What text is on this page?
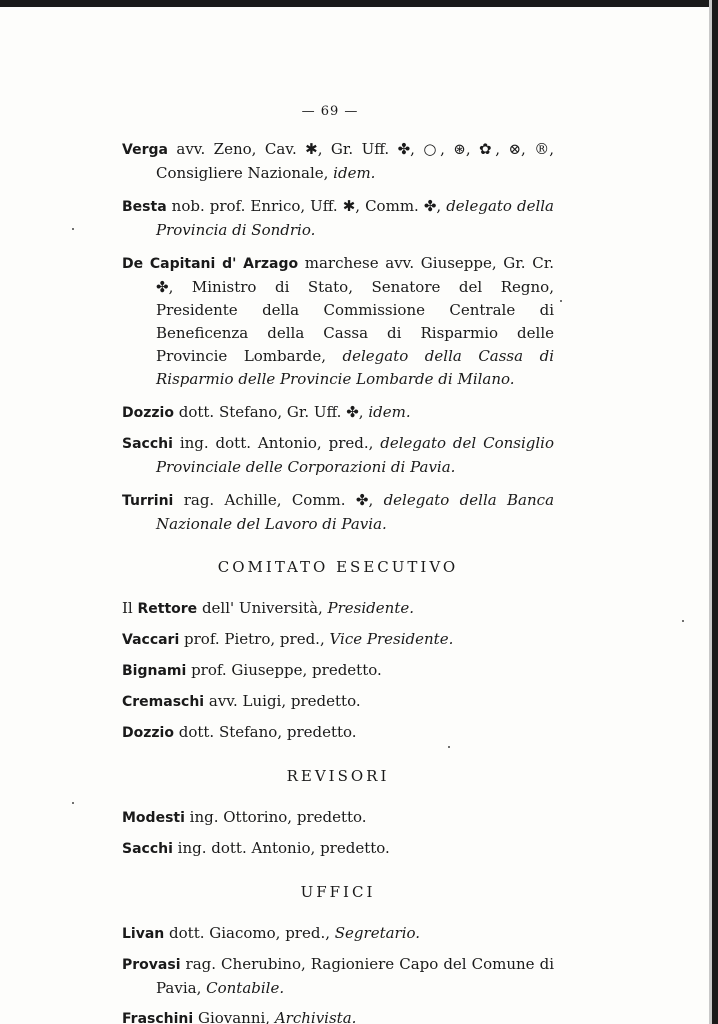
— 69 —

Verga avv. Zeno, Cav. ✱, Gr. Uff. ✤, ○, ⊛, ✿, ⊗, ®, Consigliere Nazionale, idem.

Besta nob. prof. Enrico, Uff. ✱, Comm. ✤, delegato della Provincia di Sondrio.

De Capitani d' Arzago marchese avv. Giuseppe, Gr. Cr. ✤, Ministro di Stato, Senatore del Regno, Presidente della Commissione Centrale di Beneficenza della Cassa di Risparmio delle Provincie Lombarde, delegato della Cassa di Risparmio delle Provincie Lombarde di Milano.

Dozzio dott. Stefano, Gr. Uff. ✤, idem.

Sacchi ing. dott. Antonio, pred., delegato del Consiglio Provinciale delle Corporazioni di Pavia.

Turrini rag. Achille, Comm. ✤, delegato della Banca Nazionale del Lavoro di Pavia.

COMITATO ESECUTIVO

Il Rettore dell' Università, Presidente.

Vaccari prof. Pietro, pred., Vice Presidente.

Bignami prof. Giuseppe, predetto.

Cremaschi avv. Luigi, predetto.

Dozzio dott. Stefano, predetto.

REVISORI

Modesti ing. Ottorino, predetto.

Sacchi ing. dott. Antonio, predetto.

UFFICI

Livan dott. Giacomo, pred., Segretario.

Provasi rag. Cherubino, Ragioniere Capo del Comune di Pavia, Contabile.

Fraschini Giovanni, Archivista.
